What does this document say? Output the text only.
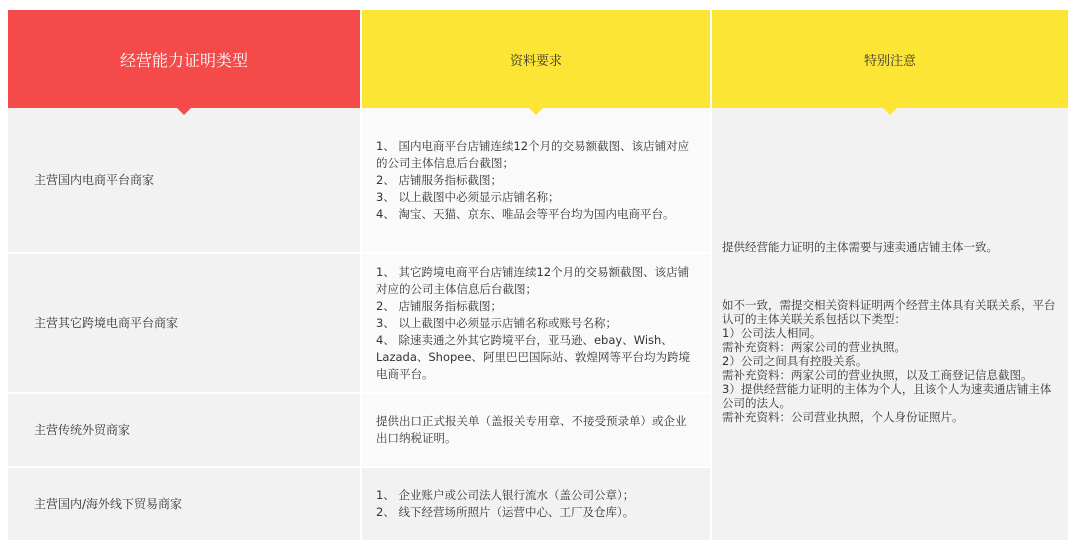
经营能力证明类型	资料要求	特别注意
主营国内电商平台商家
1、 国内电商平台店铺连续12个月的交易额截图、该店铺对应的公司主体信息后台截图；
2、 店铺服务指标截图；
3、 以上截图中必须显示店铺名称；
4、 淘宝、天猫、京东、唯品会等平台均为国内电商平台。
主营其它跨境电商平台商家
1、 其它跨境电商平台店铺连续12个月的交易额截图、该店铺对应的公司主体信息后台截图；
2、 店铺服务指标截图；
3、 以上截图中必须显示店铺名称或账号名称；
4、 除速卖通之外其它跨境平台，亚马逊、ebay、Wish、Lazada、Shopee、阿里巴巴国际站、敦煌网等平台均为跨境电商平台。
主营传统外贸商家
提供出口正式报关单（盖报关专用章、不接受预录单）或企业出口纳税证明。
主营国内/海外线下贸易商家
1、 企业账户或公司法人银行流水（盖公司公章）；
2、 线下经营场所照片（运营中心、工厂及仓库）。

提供经营能力证明的主体需要与速卖通店铺主体一致。

如不一致，需提交相关资料证明两个经营主体具有关联关系，平台认可的主体关联关系包括以下类型：
1）公司法人相同。
需补充资料：两家公司的营业执照。
2）公司之间具有控股关系。
需补充资料：两家公司的营业执照，以及工商登记信息截图。
3）提供经营能力证明的主体为个人，且该个人为速卖通店铺主体公司的法人。
需补充资料：公司营业执照，个人身份证照片。
